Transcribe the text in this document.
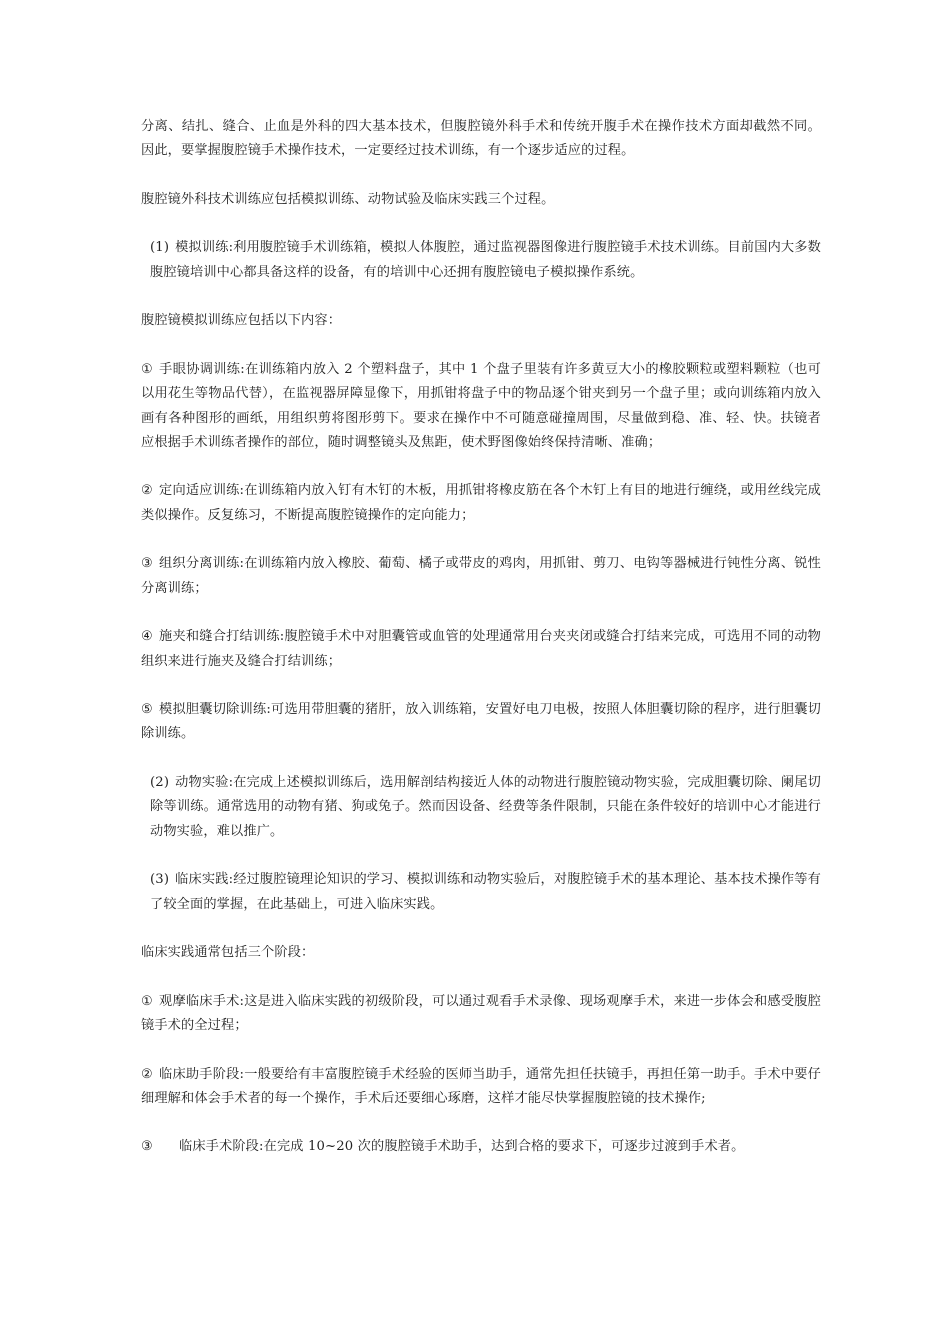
分离、结扎、缝合、止血是外科的四大基本技术，但腹腔镜外科手术和传统开腹手术在操作技术方面却截然不同。因此，要掌握腹腔镜手术操作技术，一定要经过技术训练，有一个逐步适应的过程。

腹腔镜外科技术训练应包括模拟训练、动物试验及临床实践三个过程。

(1) 模拟训练:利用腹腔镜手术训练箱，模拟人体腹腔，通过监视器图像进行腹腔镜手术技术训练。目前国内大多数腹腔镜培训中心都具备这样的设备，有的培训中心还拥有腹腔镜电子模拟操作系统。

腹腔镜模拟训练应包括以下内容：

① 手眼协调训练:在训练箱内放入 2 个塑料盘子，其中 1 个盘子里装有许多黄豆大小的橡胶颗粒或塑料颗粒（也可以用花生等物品代替），在监视器屏障显像下，用抓钳将盘子中的物品逐个钳夹到另一个盘子里；或向训练箱内放入画有各种图形的画纸，用组织剪将图形剪下。要求在操作中不可随意碰撞周围，尽量做到稳、准、轻、快。扶镜者应根据手术训练者操作的部位，随时调整镜头及焦距，使术野图像始终保持清晰、准确；

② 定向适应训练:在训练箱内放入钉有木钉的木板，用抓钳将橡皮筋在各个木钉上有目的地进行缠绕，或用丝线完成类似操作。反复练习，不断提高腹腔镜操作的定向能力；

③ 组织分离训练:在训练箱内放入橡胶、葡萄、橘子或带皮的鸡肉，用抓钳、剪刀、电钩等器械进行钝性分离、锐性分离训练；

④ 施夹和缝合打结训练:腹腔镜手术中对胆囊管或血管的处理通常用台夹夹闭或缝合打结来完成，可选用不同的动物组织来进行施夹及缝合打结训练；

⑤ 模拟胆囊切除训练:可选用带胆囊的猪肝，放入训练箱，安置好电刀电极，按照人体胆囊切除的程序，进行胆囊切除训练。

(2) 动物实验:在完成上述模拟训练后，选用解剖结构接近人体的动物进行腹腔镜动物实验，完成胆囊切除、阑尾切除等训练。通常选用的动物有猪、狗或兔子。然而因设备、经费等条件限制，只能在条件较好的培训中心才能进行动物实验，难以推广。

(3) 临床实践:经过腹腔镜理论知识的学习、模拟训练和动物实验后，对腹腔镜手术的基本理论、基本技术操作等有了较全面的掌握，在此基础上，可进入临床实践。

临床实践通常包括三个阶段：

① 观摩临床手术:这是进入临床实践的初级阶段，可以通过观看手术录像、现场观摩手术，来进一步体会和感受腹腔镜手术的全过程；

② 临床助手阶段:一般要给有丰富腹腔镜手术经验的医师当助手，通常先担任扶镜手，再担任第一助手。手术中要仔细理解和体会手术者的每一个操作，手术后还要细心琢磨，这样才能尽快掌握腹腔镜的技术操作;

③ 临床手术阶段:在完成 10~20 次的腹腔镜手术助手，达到合格的要求下，可逐步过渡到手术者。
